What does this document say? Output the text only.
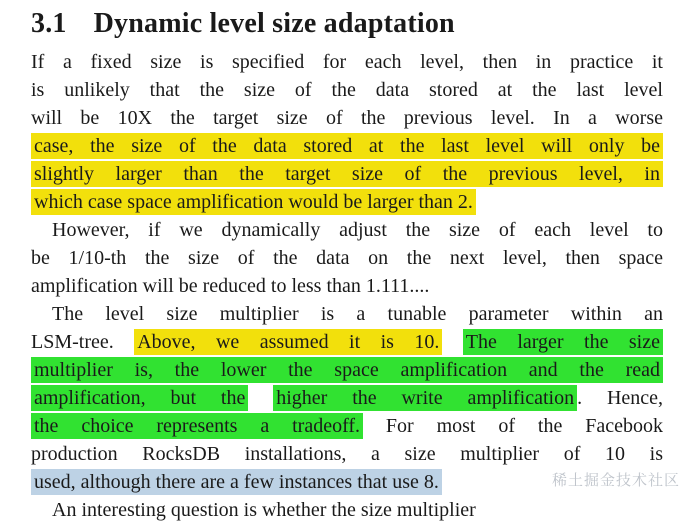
3.1 Dynamic level size adaptation
If a fixed size is specified for each level, then in practice it
is unlikely that the size of the data stored at the last level
will be 10X the target size of the previous level. In a worse
case, the size of the data stored at the last level will only be
slightly larger than the target size of the previous level, in
which case space amplification would be larger than 2.
However, if we dynamically adjust the size of each level to
be 1/10-th the size of the data on the next level, then space
amplification will be reduced to less than 1.111....
The level size multiplier is a tunable parameter within an
LSM-tree. Above, we assumed it is 10. The larger the size
multiplier is, the lower the space amplification and the read
amplification, but the higher the write amplification . Hence,
the choice represents a tradeoff. For most of the Facebook
production RocksDB installations, a size multiplier of 10 is
used, although there are a few instances that use 8.
An interesting question is whether the size multiplier
稀土掘金技术社区
